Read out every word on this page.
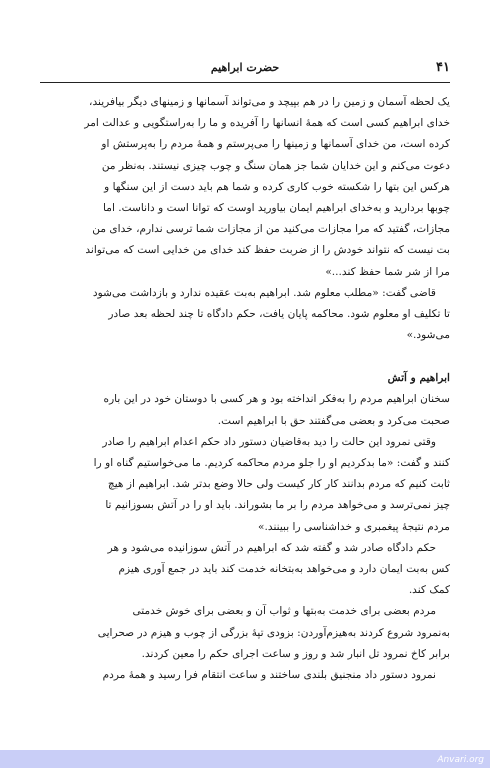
۴۱
حضرت ابراهیم
یک لحظه آسمان و زمین را در هم بپیچد و می‌تواند آسمانها و زمینهای دیگر بیافریند،
خدای ابراهیم کسی است که همهٔ انسانها را آفریده و ما را به‌راستگویی و عدالت امر
کرده است، من خدای آسمانها و زمینها را می‌پرستم و همهٔ مردم را به‌پرستش او
دعوت می‌کنم و این خدایان شما جز همان سنگ و چوب چیزی نیستند. به‌نظر من
هرکس این بتها را شکسته خوب کاری کرده و شما هم باید دست از این سنگها و
چوبها بردارید و به‌خدای ابراهیم ایمان بیاورید اوست که توانا است و داناست. اما
مجازات، گفتید که مرا مجازات می‌کنید من از مجازات شما ترسی ندارم، خدای من
بت نیست که نتواند خودش را از ضربت حفظ کند خدای من خدایی است که می‌تواند
مرا از شر شما حفظ کند...»
قاضی گفت: «مطلب معلوم شد. ابراهیم به‌بت عقیده ندارد و بازداشت می‌شود
تا تکلیف او معلوم شود. محاکمه پایان یافت، حکم دادگاه تا چند لحظه بعد صادر
می‌شود.»
ابراهیم و آتش
سخنان ابراهیم مردم را به‌فکر انداخته بود و هر کسی با دوستان خود در این باره
صحبت می‌کرد و بعضی می‌گفتند حق با ابراهیم است.
وقتی نمرود این حالت را دید به‌قاضیان دستور داد حکم اعدام ابراهیم را صادر
کنند و گفت: «ما بدکردیم او را جلو مردم محاکمه کردیم. ما می‌خواستیم گناه او را
ثابت کنیم که مردم بدانند کار کار کیست ولی حالا وضع بدتر شد. ابراهیم از هیچ
چیز نمی‌ترسد و می‌خواهد مردم را بر ما بشوراند. باید او را در آتش بسوزانیم تا
مردم نتیجهٔ پیغمبری و خداشناسی را ببینند.»
حکم دادگاه صادر شد و گفته شد که ابراهیم در آتش سوزانیده می‌شود و هر
کس به‌بت ایمان دارد و می‌خواهد به‌بتخانه خدمت کند باید در جمع آوری هیزم
کمک کند.
مردم بعضی برای خدمت به‌بتها و ثواب آن و بعضی برای خوش خدمتی
به‌نمرود شروع کردند به‌هیزم‌آوردن: بزودی تپهٔ بزرگی از چوب و هیزم در صحرایی
برابر کاخ نمرود تل انبار شد و روز و ساعت اجرای حکم را معین کردند.
نمرود دستور داد منجنیق بلندی ساختند و ساعت انتقام فرا رسید و همهٔ مردم
Anvari.org
